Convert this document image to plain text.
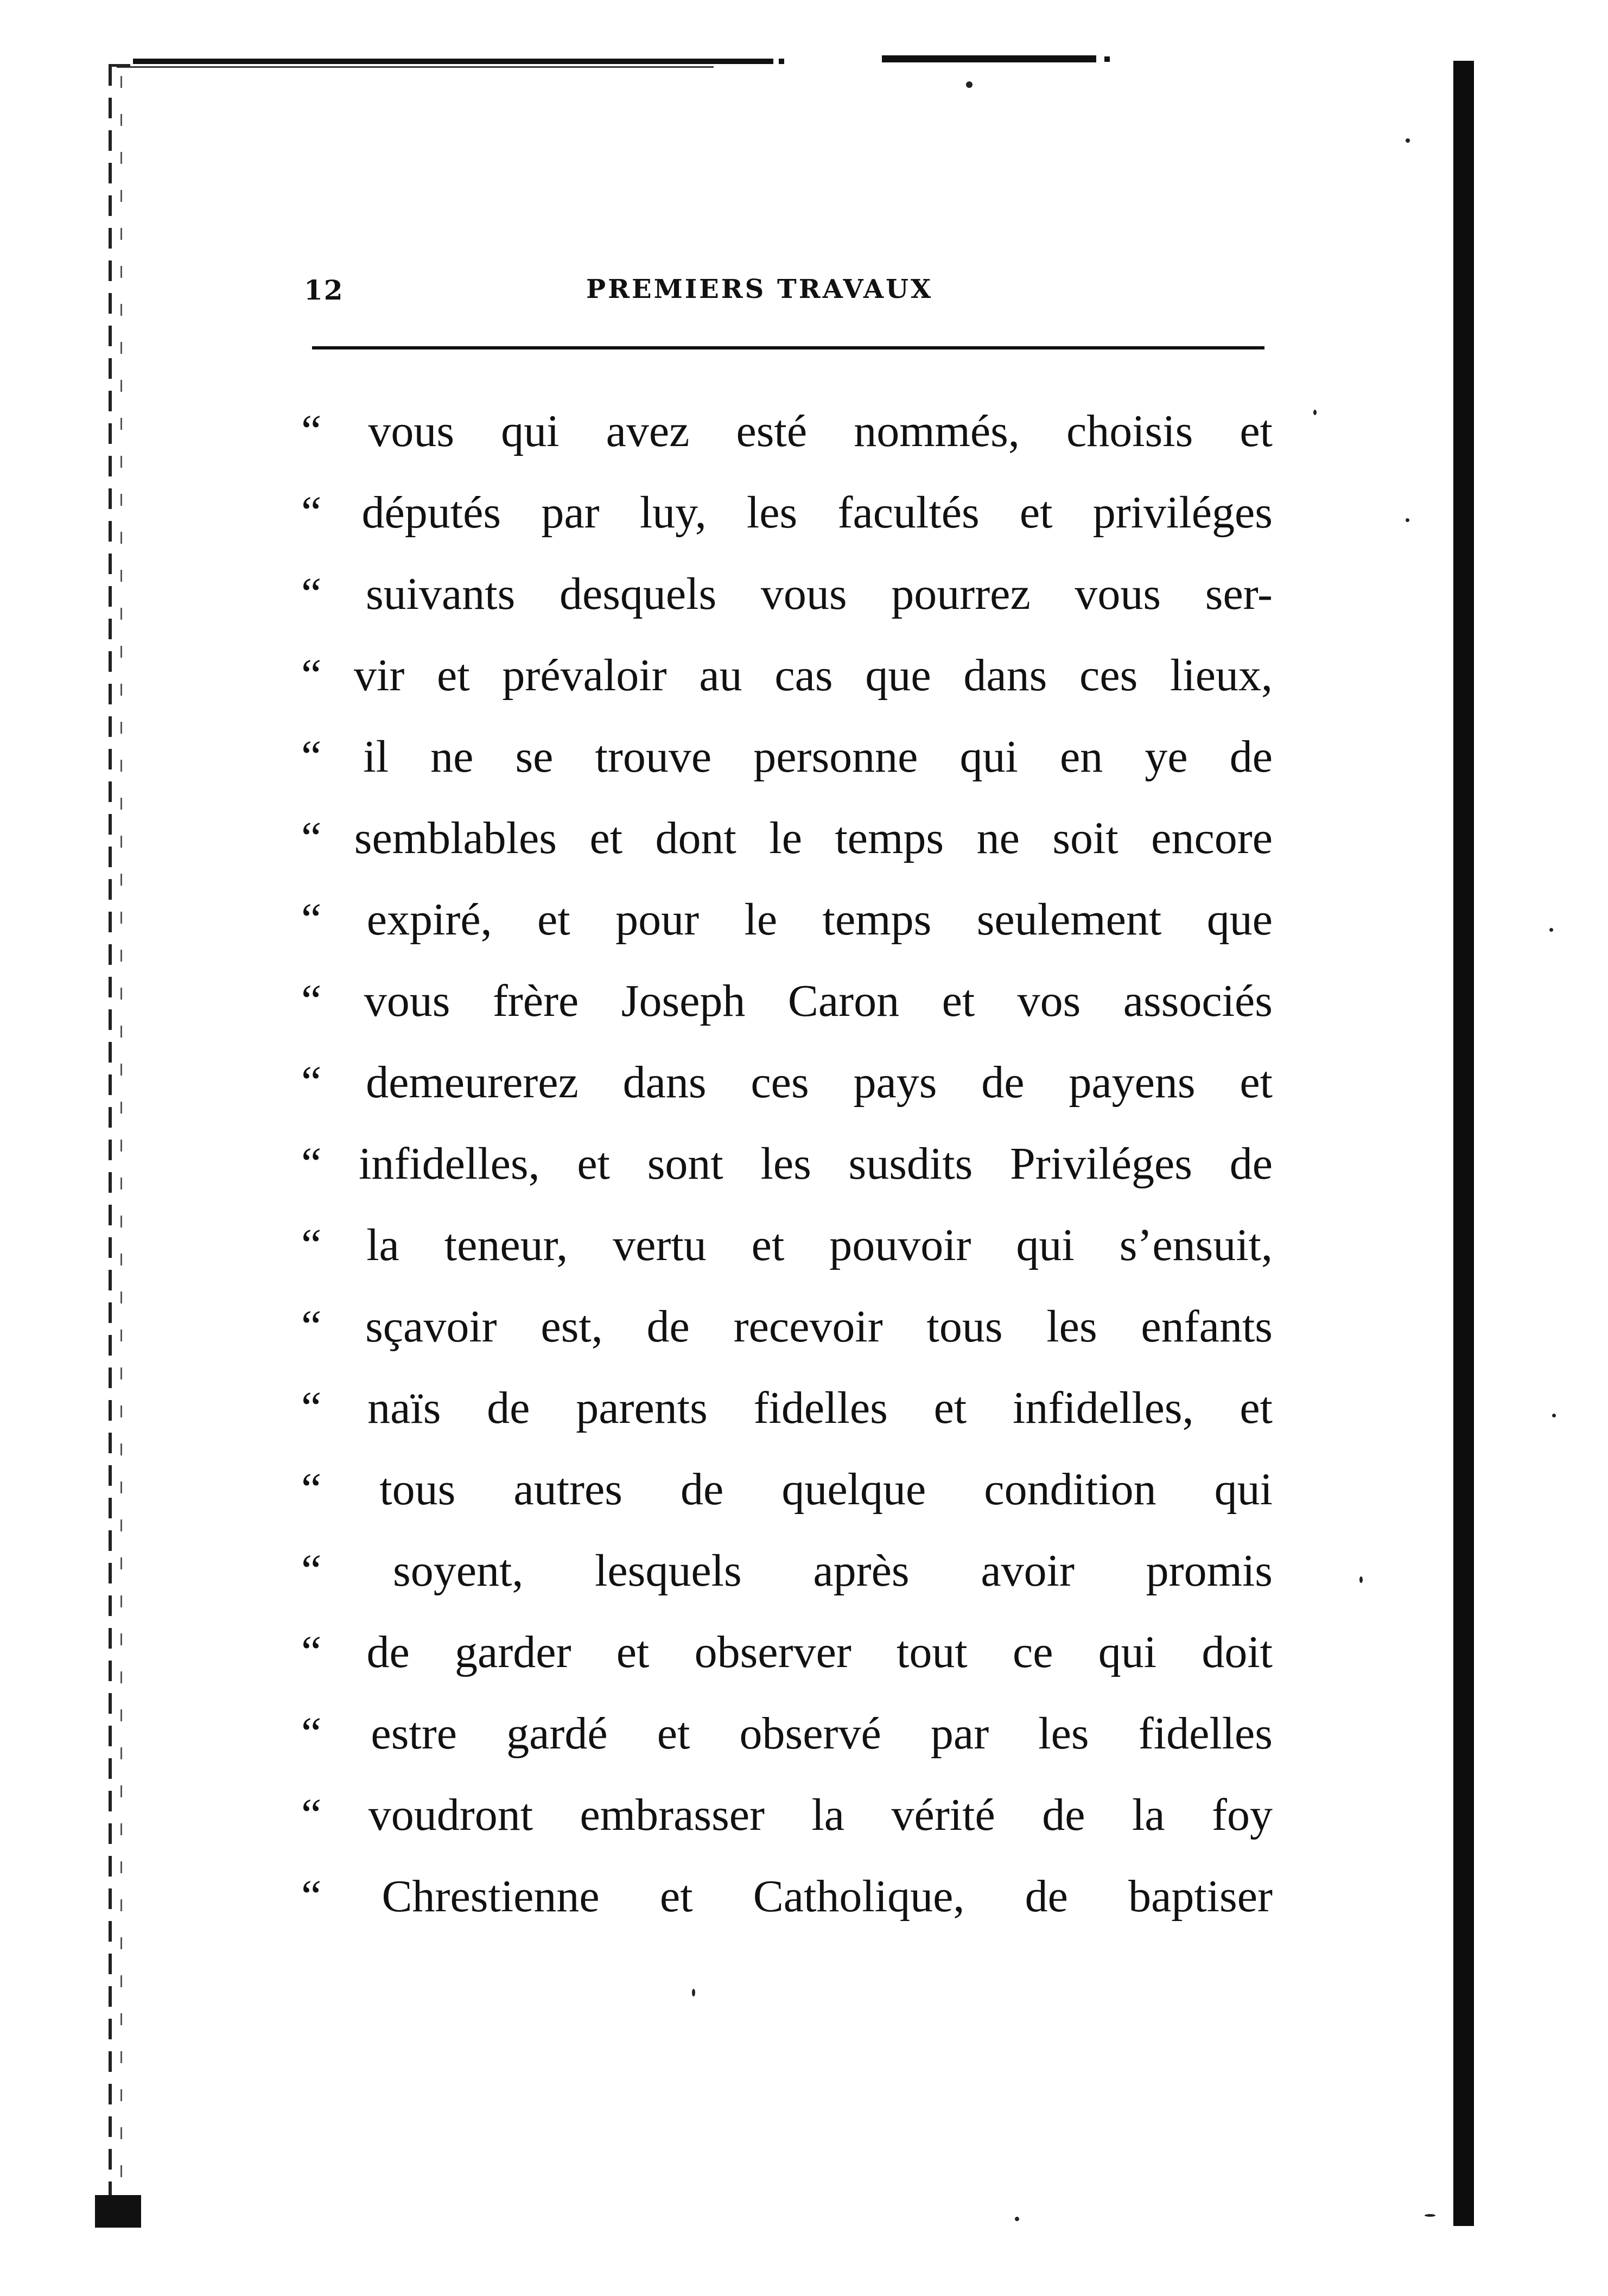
12	PREMIERS TRAVAUX
“ vous qui avez esté nommés, choisis et
“ députés par luy, les facultés et priviléges
“ suivants desquels vous pourrez vous ser-
“ vir et prévaloir au cas que dans ces lieux,
“ il ne se trouve personne qui en ye de
“ semblables et dont le temps ne soit encore
“ expiré, et pour le temps seulement que
“ vous frère Joseph Caron et vos associés
“ demeurerez dans ces pays de payens et
“ infidelles, et sont les susdits Priviléges de
“ la teneur, vertu et pouvoir qui s’ensuit,
“ sçavoir est, de recevoir tous les enfants
“ naïs de parents fidelles et infidelles, et
“ tous autres de quelque condition qui
“ soyent, lesquels après avoir promis
“ de garder et observer tout ce qui doit
“ estre gardé et observé par les fidelles
“ voudront embrasser la vérité de la foy
“ Chrestienne et Catholique, de baptiser
